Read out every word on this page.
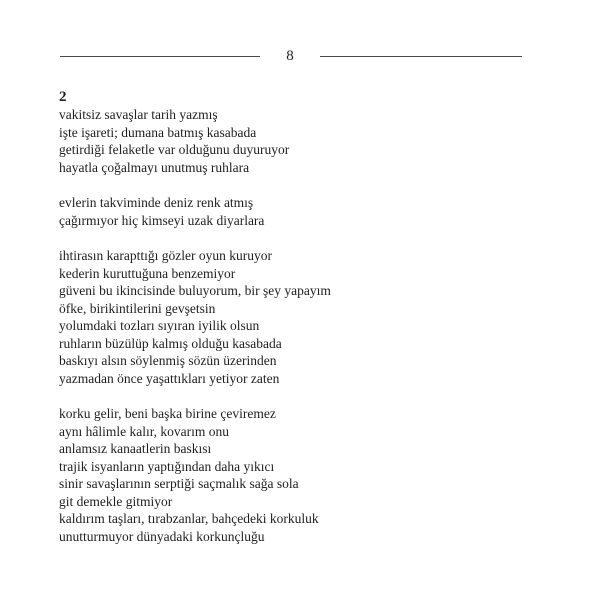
8
2
vakitsiz savaşlar tarih yazmış
işte işareti; dumana batmış kasabada
getirdiği felaketle var olduğunu duyuruyor
hayatla çoğalmayı unutmuş ruhlara
evlerin takviminde deniz renk atmış
çağırmıyor hiç kimseyi uzak diyarlara
ihtirasın karарttığı gözler oyun kuruyor
kederin kuruttuğuna benzemiyor
güveni bu ikincisinde buluyorum, bir şey yapayım
öfke, birikintilerini gevşetsin
yolumdaki tozları sıyıran iyilik olsun
ruhların büzülüp kalmış olduğu kasabada
baskıyı alsın söylenmiş sözün üzerinden
yazmadan önce yaşattıkları yetiyor zaten
korku gelir, beni başka birine çeviremez
aynı hâlimle kalır, kovarım onu
anlamsız kanaatlerin baskısı
trajik isyanların yaptığından daha yıkıcı
sinir savaşlarının serptiği saçmalık sağa sola
git demekle gitmiyor
kaldırım taşları, tırabzanlar, bahçedeki korkuluk
unutturmuyor dünyadaki korkunçluğu
